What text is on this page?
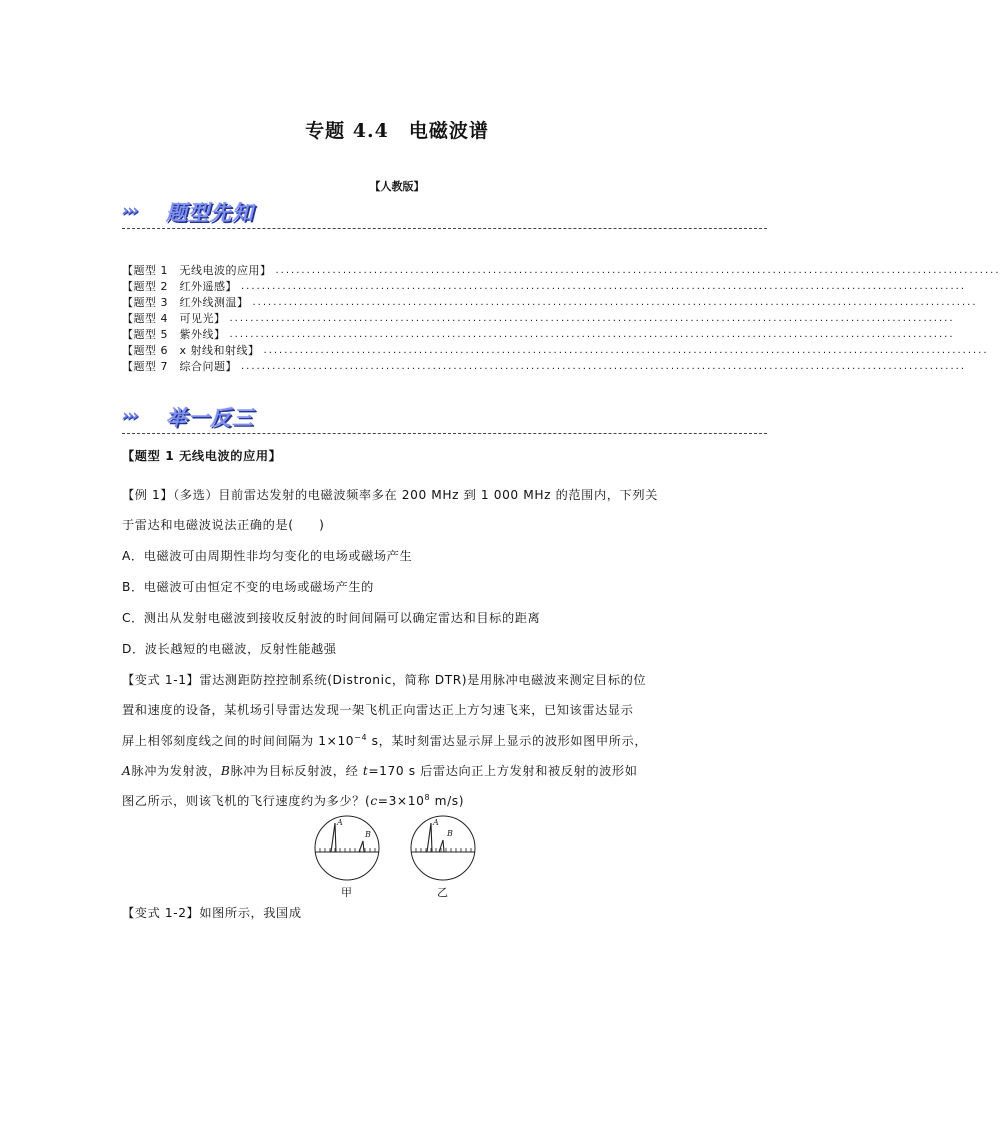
专题 4.4　电磁波谱
【人教版】
››› 题型先知
【题型 1　无线电波的应用】 ............................................................................................................................................
【题型 2　红外遥感】 ............................................................................................................................................
【题型 3　红外线测温】 ............................................................................................................................................
【题型 4　可见光】 ............................................................................................................................................
【题型 5　紫外线】 ............................................................................................................................................
【题型 6　x 射线和射线】 ............................................................................................................................................
【题型 7　综合问题】 ............................................................................................................................................
››› 举一反三
【题型 1 无线电波的应用】
【例 1】（多选）目前雷达发射的电磁波频率多在 200 MHz 到 1 000 MHz 的范围内，下列关
于雷达和电磁波说法正确的是(　　)
A．电磁波可由周期性非均匀变化的电场或磁场产生
B．电磁波可由恒定不变的电场或磁场产生的
C．测出从发射电磁波到接收反射波的时间间隔可以确定雷达和目标的距离
D．波长越短的电磁波，反射性能越强
【变式 1-1】雷达测距防控控制系统(Distronic，简称 DTR)是用脉冲电磁波来测定目标的位
置和速度的设备，某机场引导雷达发现一架飞机正向雷达正上方匀速飞来，已知该雷达显示
屏上相邻刻度线之间的时间间隔为 $1\times 10^{-4}$ s，某时刻雷达显示屏上显示的波形如图甲所示，
A脉冲为发射波，B脉冲为目标反射波，经 t=170 s 后雷达向正上方发射和被反射的波形如
图乙所示，则该飞机的飞行速度约为多少？($c=3\times 10^8$ m/s)
A
B
A
B
甲	乙
【变式 1-2】如图所示，我国成
